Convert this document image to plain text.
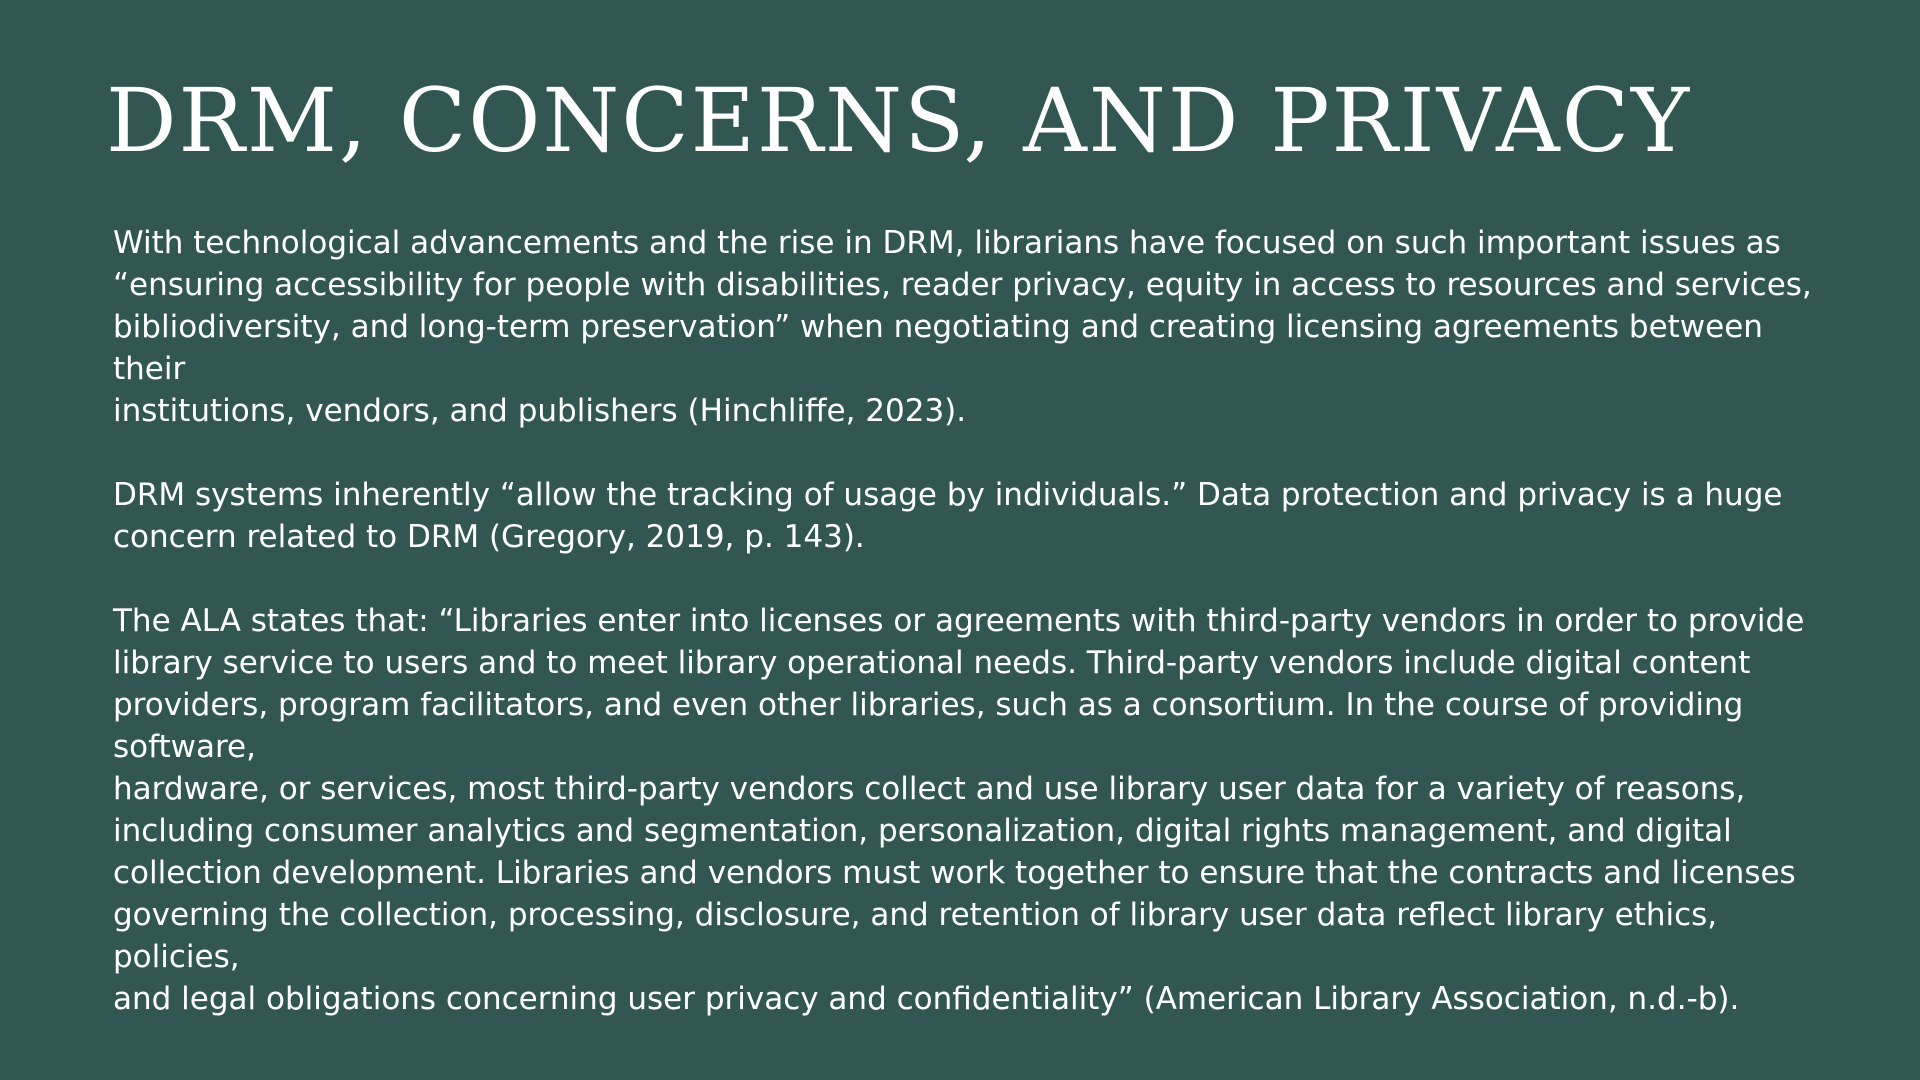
DRM, CONCERNS, AND PRIVACY

With technological advancements and the rise in DRM, librarians have focused on such important issues as
“ensuring accessibility for people with disabilities, reader privacy, equity in access to resources and services,
bibliodiversity, and long-term preservation” when negotiating and creating licensing agreements between their
institutions, vendors, and publishers (Hinchliffe, 2023).

DRM systems inherently “allow the tracking of usage by individuals.” Data protection and privacy is a huge
concern related to DRM (Gregory, 2019, p. 143).

The ALA states that: “Libraries enter into licenses or agreements with third-party vendors in order to provide
library service to users and to meet library operational needs. Third-party vendors include digital content
providers, program facilitators, and even other libraries, such as a consortium. In the course of providing software,
hardware, or services, most third-party vendors collect and use library user data for a variety of reasons,
including consumer analytics and segmentation, personalization, digital rights management, and digital
collection development. Libraries and vendors must work together to ensure that the contracts and licenses
governing the collection, processing, disclosure, and retention of library user data reflect library ethics, policies,
and legal obligations concerning user privacy and confidentiality” (American Library Association, n.d.-b).
